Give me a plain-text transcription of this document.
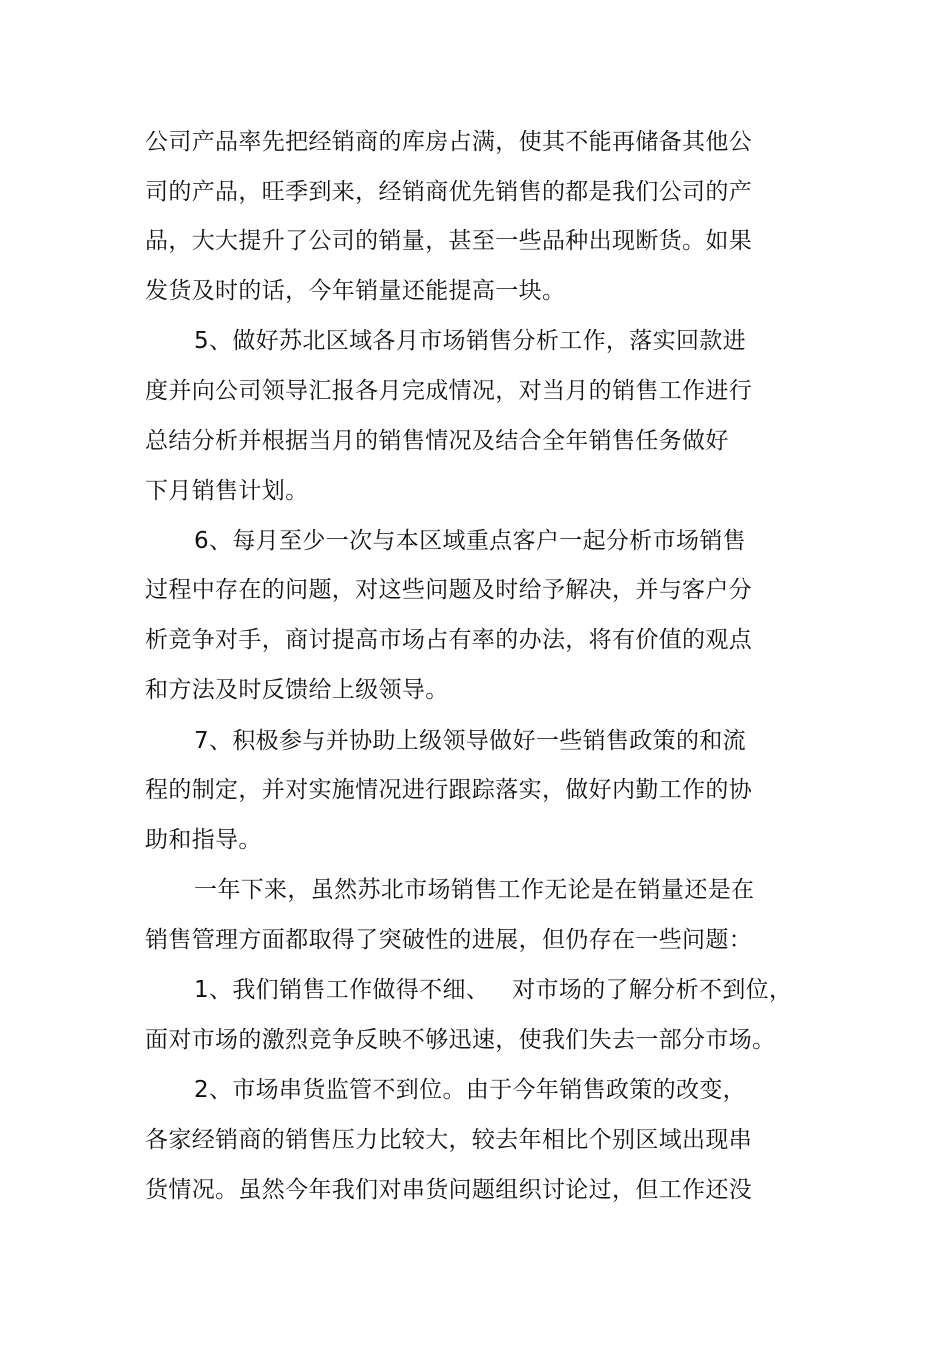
公司产品率先把经销商的库房占满，使其不能再储备其他公
司的产品，旺季到来，经销商优先销售的都是我们公司的产
品，大大提升了公司的销量，甚至一些品种出现断货。如果
发货及时的话，今年销量还能提高一块。
5、做好苏北区域各月市场销售分析工作，落实回款进
度并向公司领导汇报各月完成情况，对当月的销售工作进行
总结分析并根据当月的销售情况及结合全年销售任务做好
下月销售计划。
6、每月至少一次与本区域重点客户一起分析市场销售
过程中存在的问题，对这些问题及时给予解决，并与客户分
析竞争对手，商讨提高市场占有率的办法，将有价值的观点
和方法及时反馈给上级领导。
7、积极参与并协助上级领导做好一些销售政策的和流
程的制定，并对实施情况进行跟踪落实，做好内勤工作的协
助和指导。
一年下来，虽然苏北市场销售工作无论是在销量还是在
销售管理方面都取得了突破性的进展，但仍存在一些问题：
1、我们销售工作做得不细、   对市场的了解分析不到位，
面对市场的激烈竞争反映不够迅速，使我们失去一部分市场。
2、市场串货监管不到位。由于今年销售政策的改变，
各家经销商的销售压力比较大，较去年相比个别区域出现串
货情况。虽然今年我们对串货问题组织讨论过，但工作还没
